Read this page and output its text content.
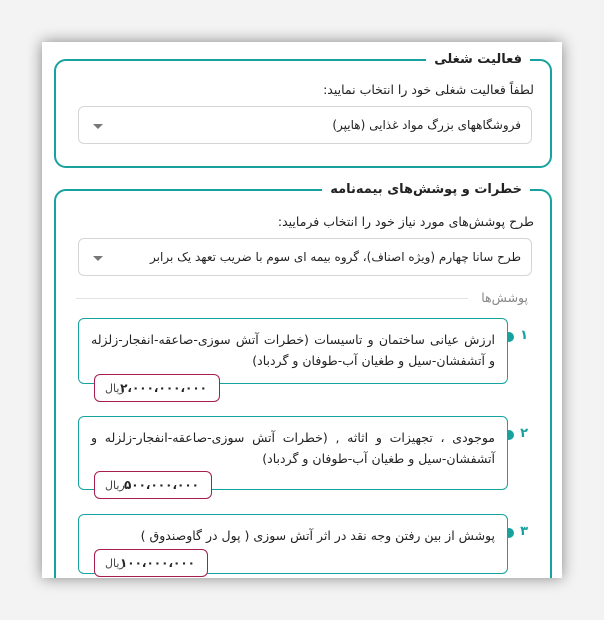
فعالیت شغلی
لطفاً فعالیت شغلی خود را انتخاب نمایید:
فروشگاههای بزرگ مواد غذایی (هایپر)
خطرات و پوشش‌های بیمه‌نامه
طرح پوشش‌های مورد نیاز خود را انتخاب فرمایید:
طرح سانا چهارم (ویژه اصناف)، گروه بیمه ای سوم با ضریب تعهد یک برابر
پوشش‌ها
۱
ارزش عيانی ساختمان و تاسيسات (خطرات آتش سوزی-صاعقه-انفجار-زلزله و آتشفشان-سيل و طغيان آب-طوفان و گردباد)
۲،۰۰۰،۰۰۰،۰۰۰
ریال
۲
موجودی ، تجهیزات و اثاثه , (خطرات آتش سوزی-صاعقه-انفجار-زلزله و آتشفشان-سيل و طغيان آب-طوفان و گردباد)
۵۰۰،۰۰۰،۰۰۰
ریال
۳
پوشش از بین رفتن وجه نقد در اثر آتش سوزی ( پول در گاوصندوق )
۱۰۰،۰۰۰،۰۰۰
ریال
